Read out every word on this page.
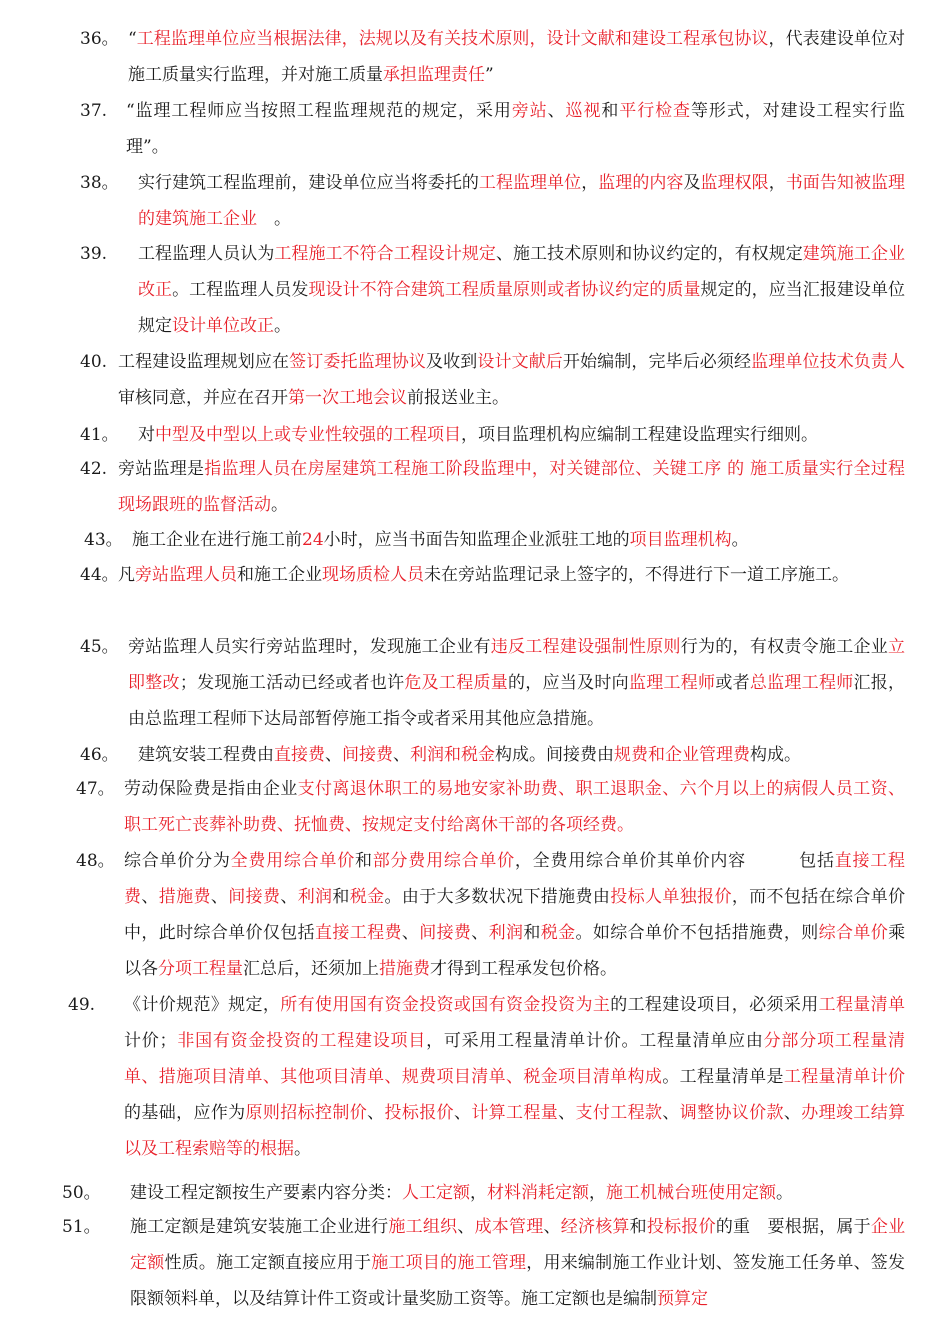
36。 “工程监理单位应当根据法律，法规以及有关技术原则，设计文献和建设工程承包协议，代表建设单位对施工质量实行监理，并对施工质量承担监理责任”
37. “监理工程师应当按照工程监理规范的规定，采用旁站、巡视和平行检查等形式，对建设工程实行监理”。
38。 实行建筑工程监理前，建设单位应当将委托的工程监理单位，监理的内容及监理权限，书面告知被监理的建筑施工企业　。
39. 工程监理人员认为工程施工不符合工程设计规定、施工技术原则和协议约定的，有权规定建筑施工企业改正。工程监理人员发现设计不符合建筑工程质量原则或者协议约定的质量规定的，应当汇报建设单位规定设计单位改正。
40. 工程建设监理规划应在签订委托监理协议及收到设计文献后开始编制，完毕后必须经监理单位技术负责人审核同意，并应在召开第一次工地会议前报送业主。
41。 对中型及中型以上或专业性较强的工程项目，项目监理机构应编制工程建设监理实行细则。
42. 旁站监理是指监理人员在房屋建筑工程施工阶段监理中，对关键部位、关键工序 的 施工质量实行全过程现场跟班的监督活动。
43。 施工企业在进行施工前24小时，应当书面告知监理企业派驻工地的项目监理机构。
44。 凡旁站监理人员和施工企业现场质检人员未在旁站监理记录上签字的，不得进行下一道工序施工。
45。 旁站监理人员实行旁站监理时，发现施工企业有违反工程建设强制性原则行为的，有权责令施工企业立即整改；发现施工活动已经或者也许危及工程质量的，应当及时向监理工程师或者总监理工程师汇报，由总监理工程师下达局部暂停施工指令或者采用其他应急措施。
46。 建筑安装工程费由直接费、间接费、利润和税金构成。间接费由规费和企业管理费构成。
47。 劳动保险费是指由企业支付离退休职工的易地安家补助费、职工退职金、六个月以上的病假人员工资、职工死亡丧葬补助费、抚恤费、按规定支付给离休干部的各项经费。
48。 综合单价分为全费用综合单价和部分费用综合单价，全费用综合单价其单价内容　　　包括直接工程费、措施费、间接费、利润和税金。由于大多数状况下措施费由投标人单独报价，而不包括在综合单价中，此时综合单价仅包括直接工程费、间接费、利润和税金。如综合单价不包括措施费，则综合单价乘以各分项工程量汇总后，还须加上措施费才得到工程承发包价格。
49. 《计价规范》规定，所有使用国有资金投资或国有资金投资为主的工程建设项目，必须采用工程量清单计价；非国有资金投资的工程建设项目，可采用工程量清单计价。工程量清单应由分部分项工程量清单、措施项目清单、其他项目清单、规费项目清单、税金项目清单构成。工程量清单是工程量清单计价的基础，应作为原则招标控制价、投标报价、计算工程量、支付工程款、调整协议价款、办理竣工结算以及工程索赔等的根据。
50。 建设工程定额按生产要素内容分类：人工定额，材料消耗定额，施工机械台班使用定额。
51。 施工定额是建筑安装施工企业进行施工组织、成本管理、经济核算和投标报价的重　要根据，属于企业定额性质。施工定额直接应用于施工项目的施工管理，用来编制施工作业计划、签发施工任务单、签发限额领料单，以及结算计件工资或计量奖励工资等。施工定额也是编制预算定
